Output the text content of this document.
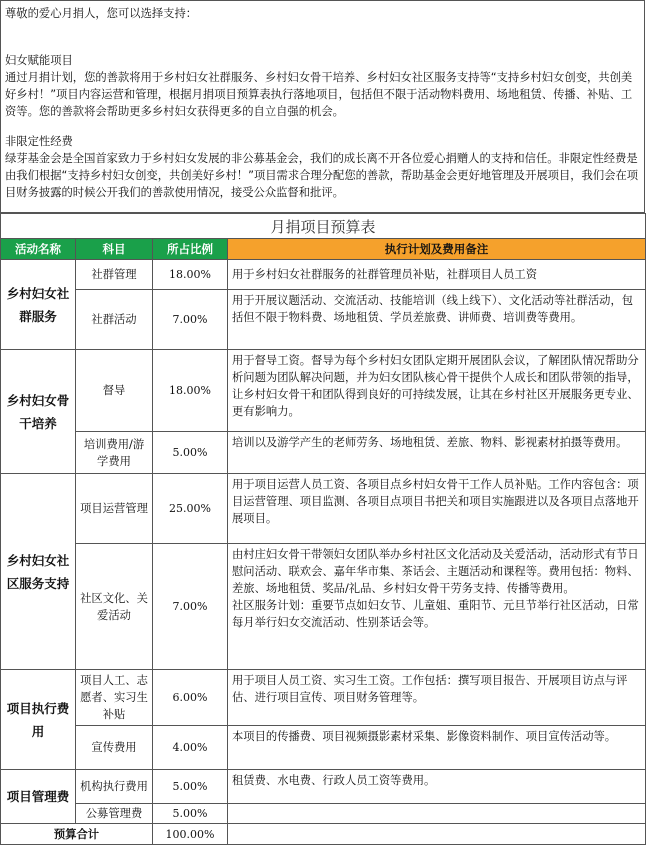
尊敬的爱心月捐人，您可以选择支持：

妇女赋能项目

通过月捐计划，您的善款将用于乡村妇女社群服务、乡村妇女骨干培养、乡村妇女社区服务支持等“支持乡村妇女创变，共创美好乡村！”项目内容运营和管理，根据月捐项目预算表执行落地项目，包括但不限于活动物料费用、场地租赁、传播、补贴、工资等。您的善款将会帮助更多乡村妇女获得更多的自立自强的机会。

非限定性经费

绿芽基金会是全国首家致力于乡村妇女发展的非公募基金会，我们的成长离不开各位爱心捐赠人的支持和信任。非限定性经费是由我们根据“支持乡村妇女创变，共创美好乡村！”项目需求合理分配您的善款，帮助基金会更好地管理及开展项目，我们会在项目财务披露的时候公开我们的善款使用情况，接受公众监督和批评。

月捐项目预算表			
活动名称	科目	所占比例	执行计划及费用备注
乡村妇女社群服务	社群管理	18.00%	用于乡村妇女社群服务的社群管理员补贴，社群项目人员工资
	社群活动	7.00%	用于开展议题活动、交流活动、技能培训（线上线下）、文化活动等社群活动，包括但不限于物料费、场地租赁、学员差旅费、讲师费、培训费等费用。
乡村妇女骨干培养	督导	18.00%	用于督导工资。督导为每个乡村妇女团队定期开展团队会议，了解团队情况帮助分析问题为团队解决问题，并为妇女团队核心骨干提供个人成长和团队带领的指导，让乡村妇女骨干和团队得到良好的可持续发展，让其在乡村社区开展服务更专业、更有影响力。
	培训费用/游学费用	5.00%	培训以及游学产生的老师劳务、场地租赁、差旅、物料、影视素材拍摄等费用。
乡村妇女社区服务支持	项目运营管理	25.00%	用于项目运营人员工资、各项目点乡村妇女骨干工作人员补贴。工作内容包含：项目运营管理、项目监测、各项目点项目书把关和项目实施跟进以及各项目点落地开展项目。
	社区文化、关爱活动	7.00%	由村庄妇女骨干带领妇女团队举办乡村社区文化活动及关爱活动，活动形式有节日慰问活动、联欢会、嘉年华市集、茶话会、主题活动和课程等。费用包括：物料、差旅、场地租赁、奖品/礼品、乡村妇女骨干劳务支持、传播等费用。
社区服务计划：重要节点如妇女节、儿童姐、重阳节、元旦节举行社区活动，日常每月举行妇女交流活动、性别茶话会等。
项目执行费用	项目人工、志愿者、实习生补贴	6.00%	用于项目人员工资、实习生工资。工作包括：撰写项目报告、开展项目访点与评估、进行项目宣传、项目财务管理等。
	宣传费用	4.00%	本项目的传播费、项目视频摄影素材采集、影像资料制作、项目宣传活动等。
项目管理费	机构执行费用	5.00%	租赁费、水电费、行政人员工资等费用。
	公募管理费	5.00%	
预算合计		100.00%	
